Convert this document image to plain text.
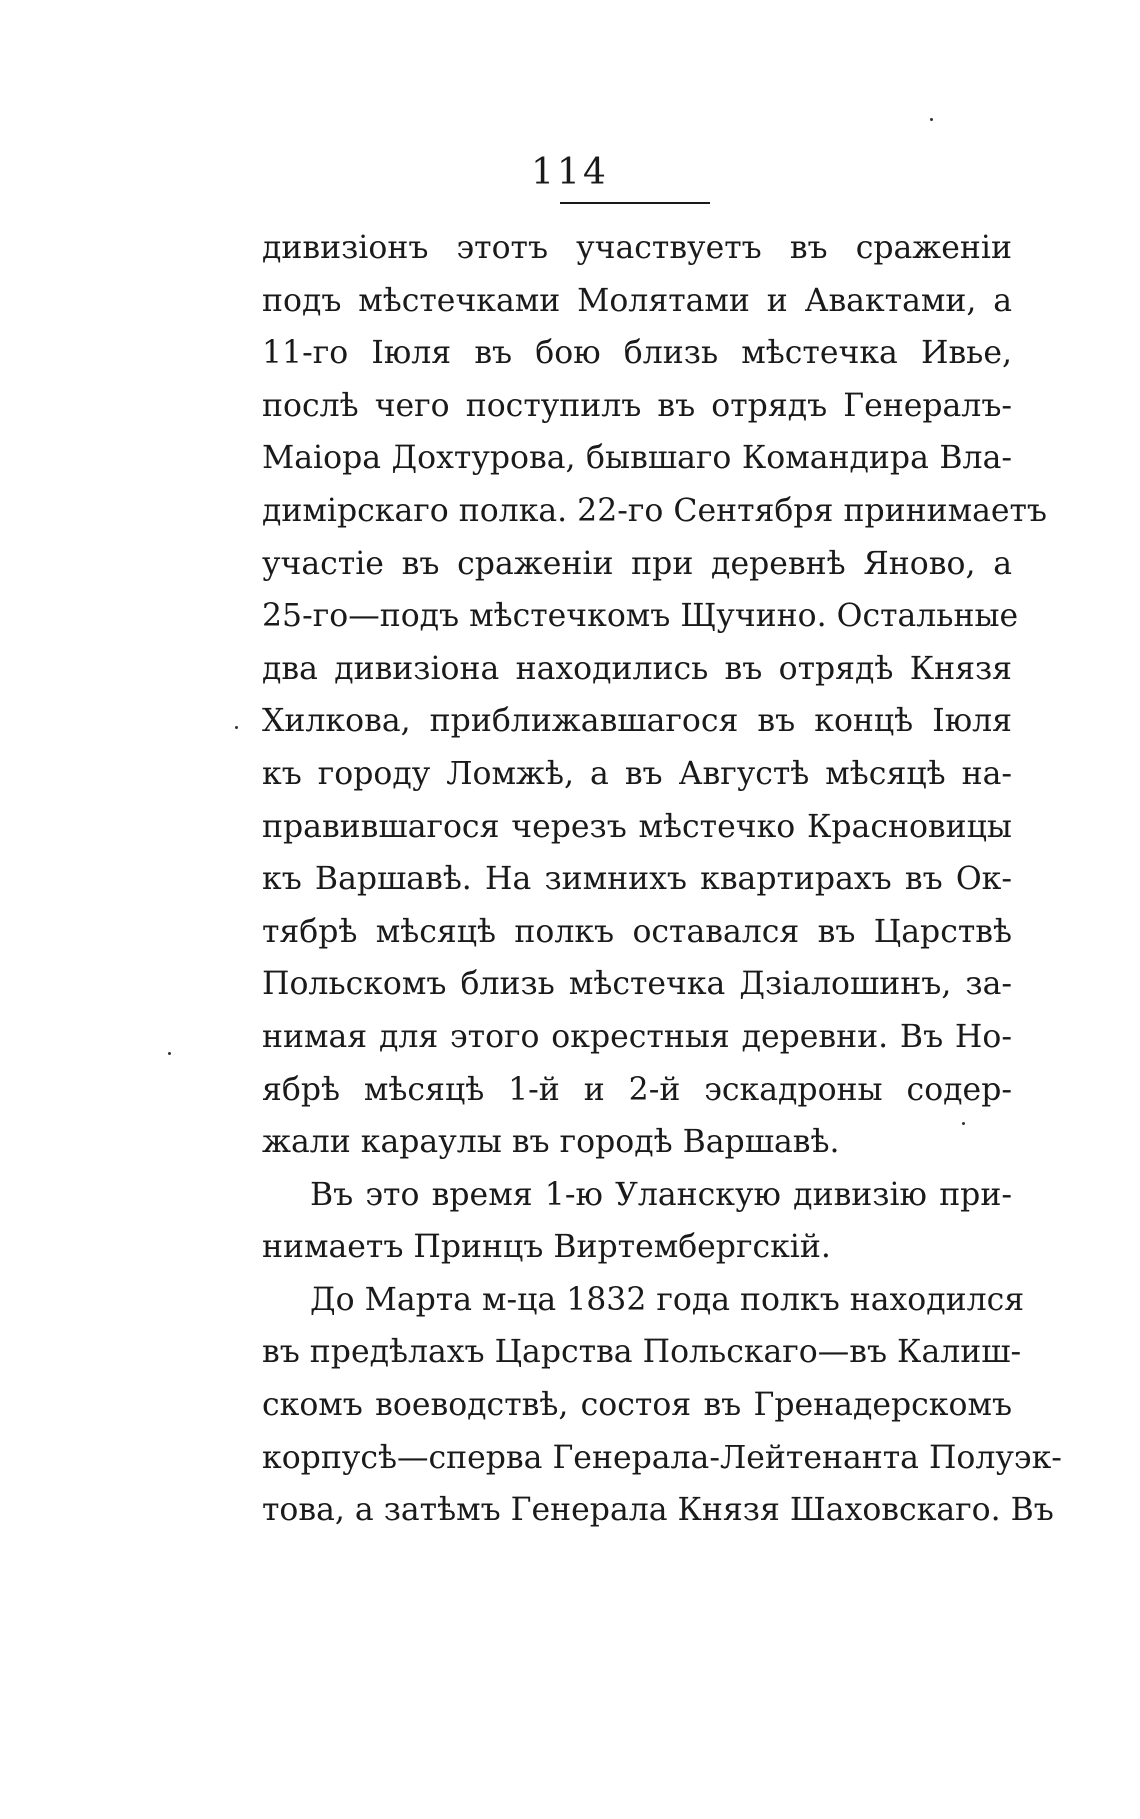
114
дивизiонъ этотъ участвуетъ въ сраженiи
подъ мѣстечками Молятами и Авактами, а
11-го Iюля въ бою близь мѣстечка Ивье,
послѣ чего поступилъ въ отрядъ Генералъ-
Маiора Дохтурова, бывшаго Командира Вла-
димiрскаго полка. 22-го Сентября принимаетъ
участiе въ сраженiи при деревнѣ Яново, а
25-го—подъ мѣстечкомъ Щучино. Остальные
два дивизiона находились въ отрядѣ Князя
Хилкова, приближавшагося въ концѣ Iюля
къ городу Ломжѣ, а въ Августѣ мѣсяцѣ на-
правившагося черезъ мѣстечко Красновицы
къ Варшавѣ. На зимнихъ квартирахъ въ Ок-
тябрѣ мѣсяцѣ полкъ оставался въ Царствѣ
Польскомъ близь мѣстечка Дзiалошинъ, за-
нимая для этого окрестныя деревни. Въ Но-
ябрѣ мѣсяцѣ 1-й и 2-й эскадроны содер-
жали караулы въ городѣ Варшавѣ.
Въ это время 1-ю Уланскую дивизiю при-
нимаетъ Принцъ Виртембергскiй.
До Марта м-ца 1832 года полкъ находился
въ предѣлахъ Царства Польскаго—въ Калиш-
скомъ воеводствѣ, состоя въ Гренадерскомъ
корпусѣ—сперва Генерала-Лейтенанта Полуэк-
това, а затѣмъ Генерала Князя Шаховскаго. Въ
